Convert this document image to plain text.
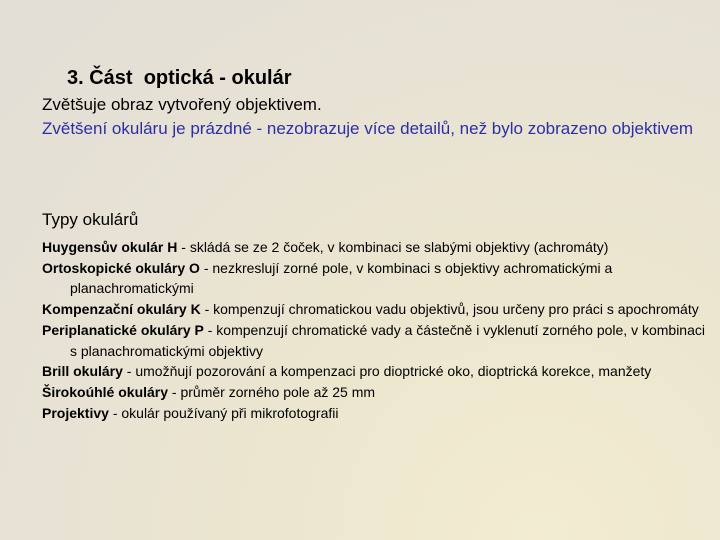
3. Část  optická - okulár

Zvětšuje obraz vytvořený objektivem.

Zvětšení okuláru je prázdné - nezobrazuje více detailů, než bylo zobrazeno objektivem

Typy okulárů
Huygensův okulár H - skládá se ze 2 čoček, v kombinaci se slabými objektivy (achromáty)
Ortoskopické okuláry O - nezkreslují zorné pole, v kombinaci s objektivy achromatickými a planachromatickými
Kompenzační okuláry K - kompenzují chromatickou vadu objektivů, jsou určeny pro práci s apochromáty
Periplanatické okuláry P - kompenzují chromatické vady a částečně i vyklenutí zorného pole, v kombinaci s planachromatickými objektivy
Brill okuláry - umožňují pozorování a kompenzaci pro dioptrické oko, dioptrická korekce, manžety
Širokoúhlé okuláry - průměr zorného pole až 25 mm
Projektivy - okulár používaný při mikrofotografii
